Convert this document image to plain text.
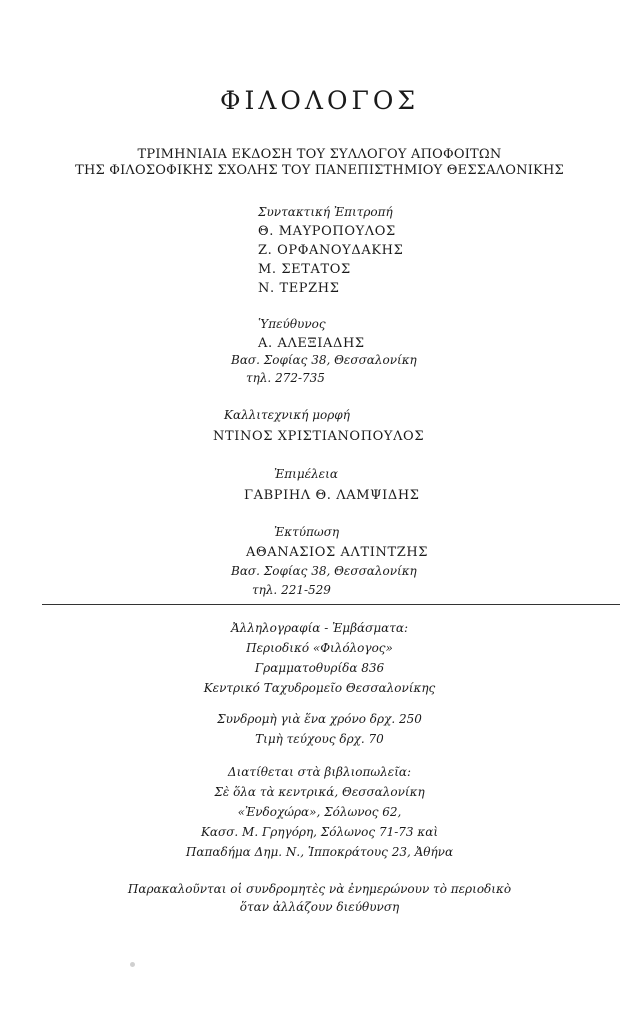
ΦΙΛΟΛΟΓΟΣ
ΤΡΙΜΗΝΙΑΙΑ ΕΚΔΟΣΗ ΤΟΥ ΣΥΛΛΟΓΟΥ ΑΠΟΦΟΙΤΩΝ
ΤΗΣ ΦΙΛΟΣΟΦΙΚΗΣ ΣΧΟΛΗΣ ΤΟΥ ΠΑΝΕΠΙΣΤΗΜΙΟΥ ΘΕΣΣΑΛΟΝΙΚΗΣ
Συντακτική Ἐπιτροπή
Θ. ΜΑΥΡΟΠΟΥΛΟΣ
Ζ. ΟΡΦΑΝΟΥΔΑΚΗΣ
Μ. ΣΕΤΑΤΟΣ
Ν. ΤΕΡΖΗΣ
Ὑπεύθυνος
Α. ΑΛΕΞΙΑΔΗΣ
Βασ. Σοφίας 38, Θεσσαλονίκη
τηλ. 272-735
Καλλιτεχνική μορφή
ΝΤΙΝΟΣ ΧΡΙΣΤΙΑΝΟΠΟΥΛΟΣ
Ἐπιμέλεια
ΓΑΒΡΙΗΛ Θ. ΛΑΜΨΙΔΗΣ
Ἐκτύπωση
ΑΘΑΝΑΣΙΟΣ ΑΛΤΙΝΤΖΗΣ
Βασ. Σοφίας 38, Θεσσαλονίκη
τηλ. 221-529
Ἀλληλογραφία - Ἐμβάσματα:
Περιοδικό «Φιλόλογος»
Γραμματοθυρίδα 836
Κεντρικό Ταχυδρομεῖο Θεσσαλονίκης
Συνδρομὴ γιὰ ἕνα χρόνο δρχ. 250
Τιμὴ τεύχους δρχ. 70
Διατίθεται στὰ βιβλιοπωλεῖα:
Σὲ ὅλα τὰ κεντρικά, Θεσσαλονίκη
«Ἐνδοχώρα», Σόλωνος 62,
Κασσ. Μ. Γρηγόρη, Σόλωνος 71-73 καὶ
Παπαδήμα Δημ. Ν., Ἱπποκράτους 23, Ἀθήνα
Παρακαλοῦνται οἱ συνδρομητὲς νὰ ἐνημερώνουν τὸ περιοδικὸ
ὅταν ἀλλάζουν διεύθυνση
